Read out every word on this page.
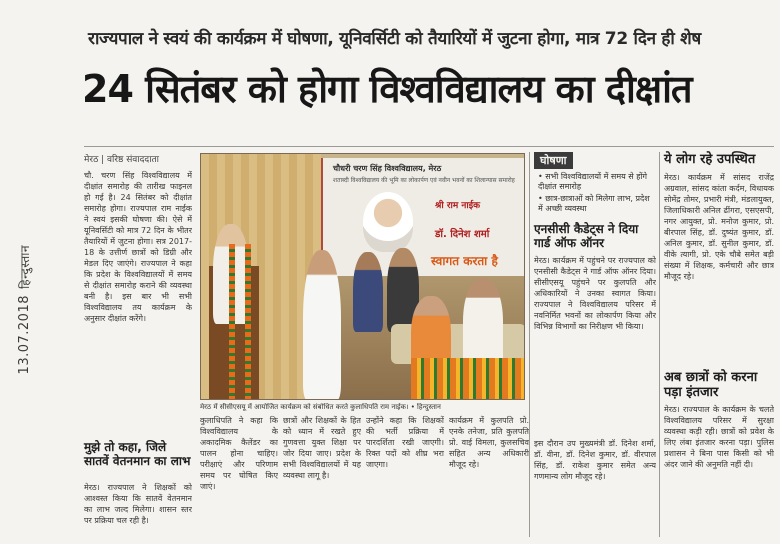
हिन्दुस्तान
13.07.2018
राज्यपाल ने स्वयं की कार्यक्रम में घोषणा, यूनिवर्सिटी को तैयारियों में जुटना होगा, मात्र 72 दिन ही शेष
24 सितंबर को होगा विश्वविद्यालय का दीक्षांत
मेरठ | वरिष्ठ संवाददाता
चौ. चरण सिंह विश्वविद्यालय में दीक्षांत समारोह की तारीख फाइनल हो गई है। 24 सितंबर को दीक्षांत समारोह होगा। राज्यपाल राम नाईक ने स्वयं इसकी घोषणा की। ऐसे में यूनिवर्सिटी को मात्र 72 दिन के भीतर तैयारियों में जुटना होगा। सत्र 2017-18 के उत्तीर्ण छात्रों को डिग्री और मेडल दिए जाएंगे। राज्यपाल ने कहा कि प्रदेश के विश्वविद्यालयों में समय से दीक्षांत समारोह कराने की व्यवस्था बनी है। इस बार भी सभी विश्वविद्यालय तय कार्यक्रम के अनुसार दीक्षांत करेंगे।
मुझे तो कहा, जिले सातवें वेतनमान का लाभ
मेरठ। राज्यपाल ने शिक्षकों को आश्वस्त किया कि सातवें वेतनमान का लाभ जल्द मिलेगा। शासन स्तर पर प्रक्रिया चल रही है।
चौधरी चरण सिंह विश्वविद्यालय, मेरठ
शताब्दी विश्वविद्यालय की भूमि का लोकार्पण एवं नवीन भवनों का शिलान्यास समारोह
श्री राम नाईक
डॉ. दिनेश शर्मा
स्वागत करता है
मेरठ में सीसीएसयू में आयोजित कार्यक्रम को संबोधित करते कुलाधिपति राम नाईक। • हिन्दुस्तान
कुलाधिपति ने कहा कि विश्वविद्यालय के अकादमिक कैलेंडर का पालन होना चाहिए। परीक्षाएं और परिणाम समय पर घोषित किए जाएं।
छात्रों और शिक्षकों के हित को ध्यान में रखते हुए गुणवत्ता युक्त शिक्षा पर जोर दिया जाए। प्रदेश के सभी विश्वविद्यालयों में यह व्यवस्था लागू है।
उन्होंने कहा कि शिक्षकों की भर्ती प्रक्रिया में पारदर्शिता रखी जाएगी। रिक्त पदों को शीघ्र भरा जाएगा।
कार्यक्रम में कुलपति प्रो. एनके तनेजा, प्रति कुलपति प्रो. वाई विमला, कुलसचिव सहित अन्य अधिकारी मौजूद रहे।
घोषणा
• सभी विश्वविद्यालयों में समय से होंगे दीक्षांत समारोह
• छात्र-छात्राओं को मिलेगा लाभ, प्रदेश में अच्छी व्यवस्था
एनसीसी कैडेट्स ने दिया गार्ड ऑफ ऑनर
मेरठ। कार्यक्रम में पहुंचने पर राज्यपाल को एनसीसी कैडेट्स ने गार्ड ऑफ ऑनर दिया। सीसीएसयू पहुंचने पर कुलपति और अधिकारियों ने उनका स्वागत किया। राज्यपाल ने विश्वविद्यालय परिसर में नवनिर्मित भवनों का लोकार्पण किया और विभिन्न विभागों का निरीक्षण भी किया।
इस दौरान उप मुख्यमंत्री डॉ. दिनेश शर्मा, डॉ. वीना, डॉ. दिनेश कुमार, डॉ. वीरपाल सिंह, डॉ. राकेश कुमार समेत अन्य गणमान्य लोग मौजूद रहे।
ये लोग रहे उपस्थित
मेरठ। कार्यक्रम में सांसद राजेंद्र अग्रवाल, सांसद कांता कर्दम, विधायक सोमेंद्र तोमर, प्रभारी मंत्री, मंडलायुक्त, जिलाधिकारी अनिल ढींगरा, एसएसपी, नगर आयुक्त, प्रो. मनोज कुमार, प्रो. बीरपाल सिंह, डॉ. दुष्यंत कुमार, डॉ. अनिल कुमार, डॉ. सुनील कुमार, डॉ. वीके त्यागी, प्रो. एके चौबे समेत बड़ी संख्या में शिक्षक, कर्मचारी और छात्र मौजूद रहे।
अब छात्रों को करना पड़ा इंतजार
मेरठ। राज्यपाल के कार्यक्रम के चलते विश्वविद्यालय परिसर में सुरक्षा व्यवस्था कड़ी रही। छात्रों को प्रवेश के लिए लंबा इंतजार करना पड़ा। पुलिस प्रशासन ने बिना पास किसी को भी अंदर जाने की अनुमति नहीं दी।
